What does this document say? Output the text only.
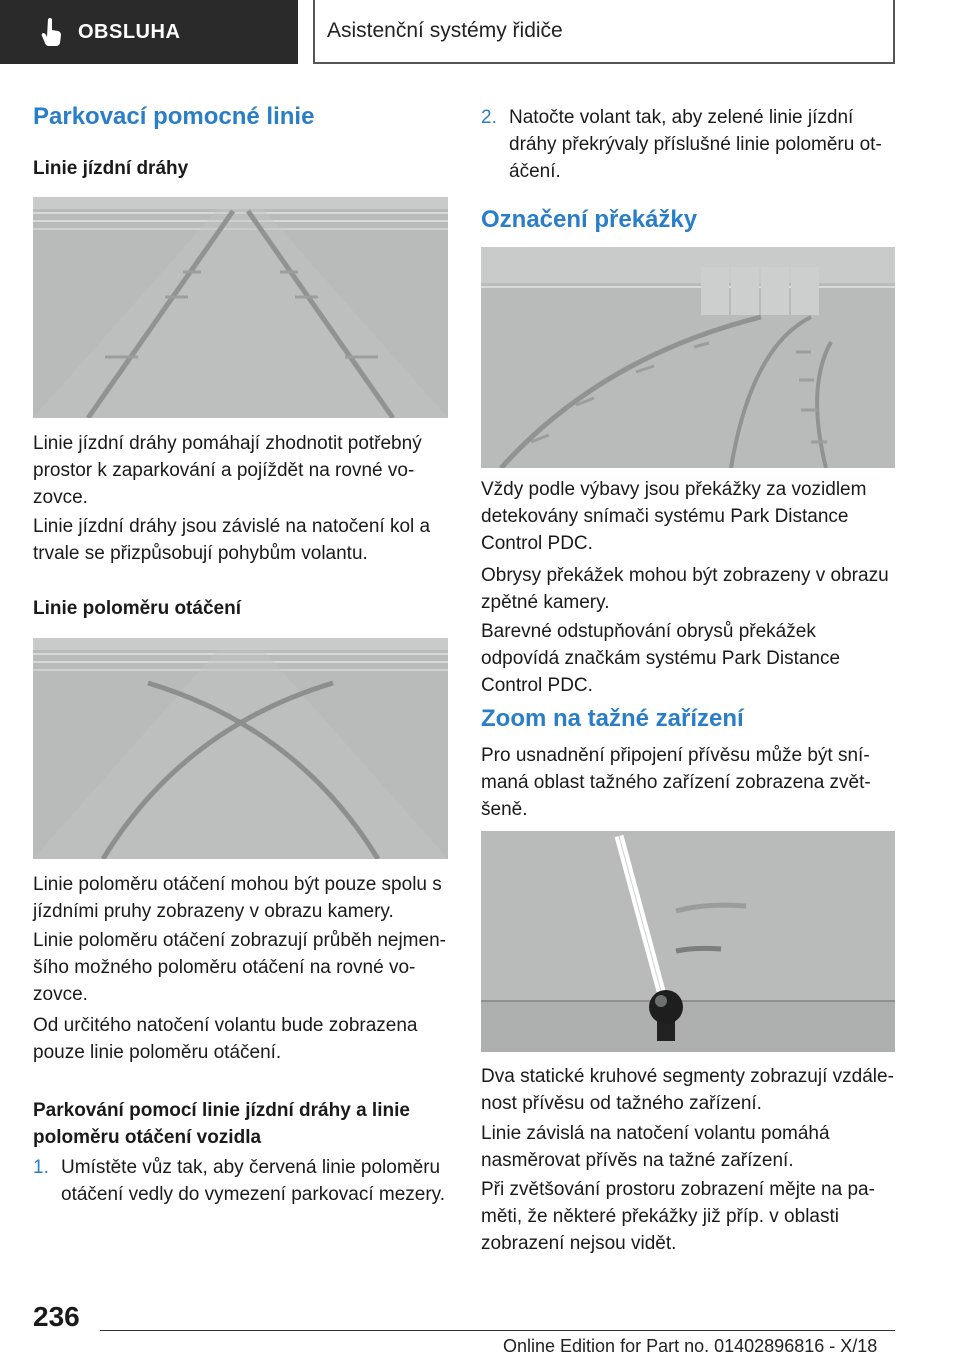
OBSLUHA	Asistenční systémy řidiče
Parkovací pomocné linie
Linie jízdní dráhy

Linie jízdní dráhy pomáhají zhodnotit potřebný prostor k zaparkování a pojíždět na rovné vozovce.

Linie jízdní dráhy jsou závislé na natočení kol a trvale se přizpůsobují pohybům volantu.

Linie poloměru otáčení

Linie poloměru otáčení mohou být pouze spolu s jízdními pruhy zobrazeny v obrazu kamery.

Linie poloměru otáčení zobrazují průběh nejmenšího možného poloměru otáčení na rovné vozovce.

Od určitého natočení volantu bude zobrazena pouze linie poloměru otáčení.

Parkování pomocí linie jízdní dráhy a linie poloměru otáčení vozidla
1. Umístěte vůz tak, aby červená linie poloměru otáčení vedly do vymezení parkovací mezery.
2. Natočte volant tak, aby zelené linie jízdní dráhy překrývaly příslušné linie poloměru otáčení.
Označení překážky

Vždy podle výbavy jsou překážky za vozidlem detekovány snímači systému Park Distance Control PDC.

Obrysy překážek mohou být zobrazeny v obrazu zpětné kamery.

Barevné odstupňování obrysů překážek odpovídá značkám systému Park Distance Control PDC.

Zoom na tažné zařízení

Pro usnadnění připojení přívěsu může být snímaná oblast tažného zařízení zobrazena zvětšeně.

Dva statické kruhové segmenty zobrazují vzdálenost přívěsu od tažného zařízení.

Linie závislá na natočení volantu pomáhá nasměrovat přívěs na tažné zařízení.

Při zvětšování prostoru zobrazení mějte na paměti, že některé překážky již příp. v oblasti zobrazení nejsou vidět.

236
Online Edition for Part no. 01402896816 - X/18
